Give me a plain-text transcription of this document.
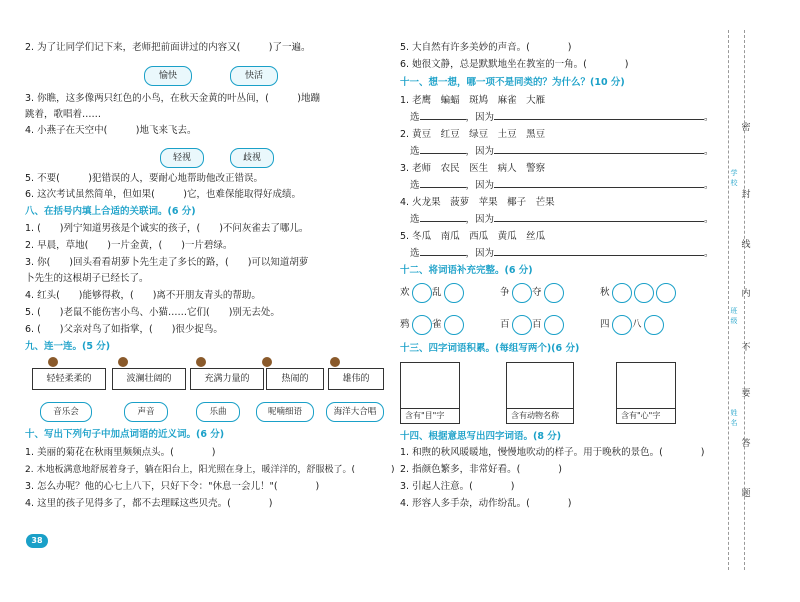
2. 为了让同学们记下来，老师把前面讲过的内容又(　　　)了一遍。
愉快	快活
3. 你瞧，这多像两只红色的小鸟，在秋天金黄的叶丛间，(　　　)地蹦
跳着，歌唱着……
4. 小燕子在天空中(　　　)地飞来飞去。
轻视	歧视
5. 不要(　　　)犯错误的人，要耐心地帮助他改正错误。
6. 这次考试虽然简单，但如果(　　　)它，也难保能取得好成绩。
八、在括号内填上合适的关联词。(6 分)
1. (　　)列宁知道男孩是个诚实的孩子，(　　)不问灰雀去了哪儿。
2. 早晨，草地(　　)一片金黄，(　　)一片碧绿。
3. 你(　　)回头看看胡萝卜先生走了多长的路，(　　)可以知道胡萝
卜先生的这根胡子已经长了。
4. 红头(　　)能够得救，(　　)离不开朋友青头的帮助。
5. (　　)老鼠不能伤害小鸟、小猫……它们(　　)别无去处。
6. (　　)父亲对鸟了如指掌，(　　)很少捉鸟。
九、连一连。(5 分)
轻轻柔柔的	波澜壮阔的	充满力量的	热闹的	雄伟的
音乐会	声音	乐曲	呢喃细语	海洋大合唱
十、写出下列句子中加点词语的近义词。(6 分)
1. 美丽的菊花在秋雨里频频点头。(　　　　)
2. 木地板满意地舒展着身子，躺在阳台上，阳光照在身上，暖洋洋的，舒服极了。(　　　　)
3. 怎么办呢？他的心七上八下，只好下令："休息一会儿！"(　　　　)
4. 这里的孩子见得多了，都不去理睬这些贝壳。(　　　　)
38
5. 大自然有许多美妙的声音。(　　　　)
6. 她很文静，总是默默地坐在教室的一角。(　　　　)
十一、想一想，哪一项不是同类的？为什么？(10 分)
1. 老鹰　蝙蝠　斑鸠　麻雀　大雁
选	，因为	。
2. 黄豆　红豆　绿豆　土豆　黑豆
选	，因为	。
3. 老师　农民　医生　病人　警察
选	，因为	。
4. 火龙果　菠萝　苹果　椰子　芒果
选	，因为	。
5. 冬瓜　南瓜　西瓜　黄瓜　丝瓜
选	，因为	。
十二、将词语补充完整。(6 分)
欢 乱	争 夺	秋
鸦 雀	百 百	四 八
十三、四字词语积累。(每组写两个)(6 分)
含有"目"字	含有动物名称	含有"心"字
十四、根据意思写出四字词语。(8 分)
1. 和煦的秋风暖暖地，慢慢地吹动的样子。用于晚秋的景色。(　　　　)
2. 指颜色繁多，非常好看。(　　　　)
3. 引起人注意。(　　　　)
4. 形容人多手杂，动作纷乱。(　　　　)
密
学校
封
线
内
班级
不
要
姓名
答
题
